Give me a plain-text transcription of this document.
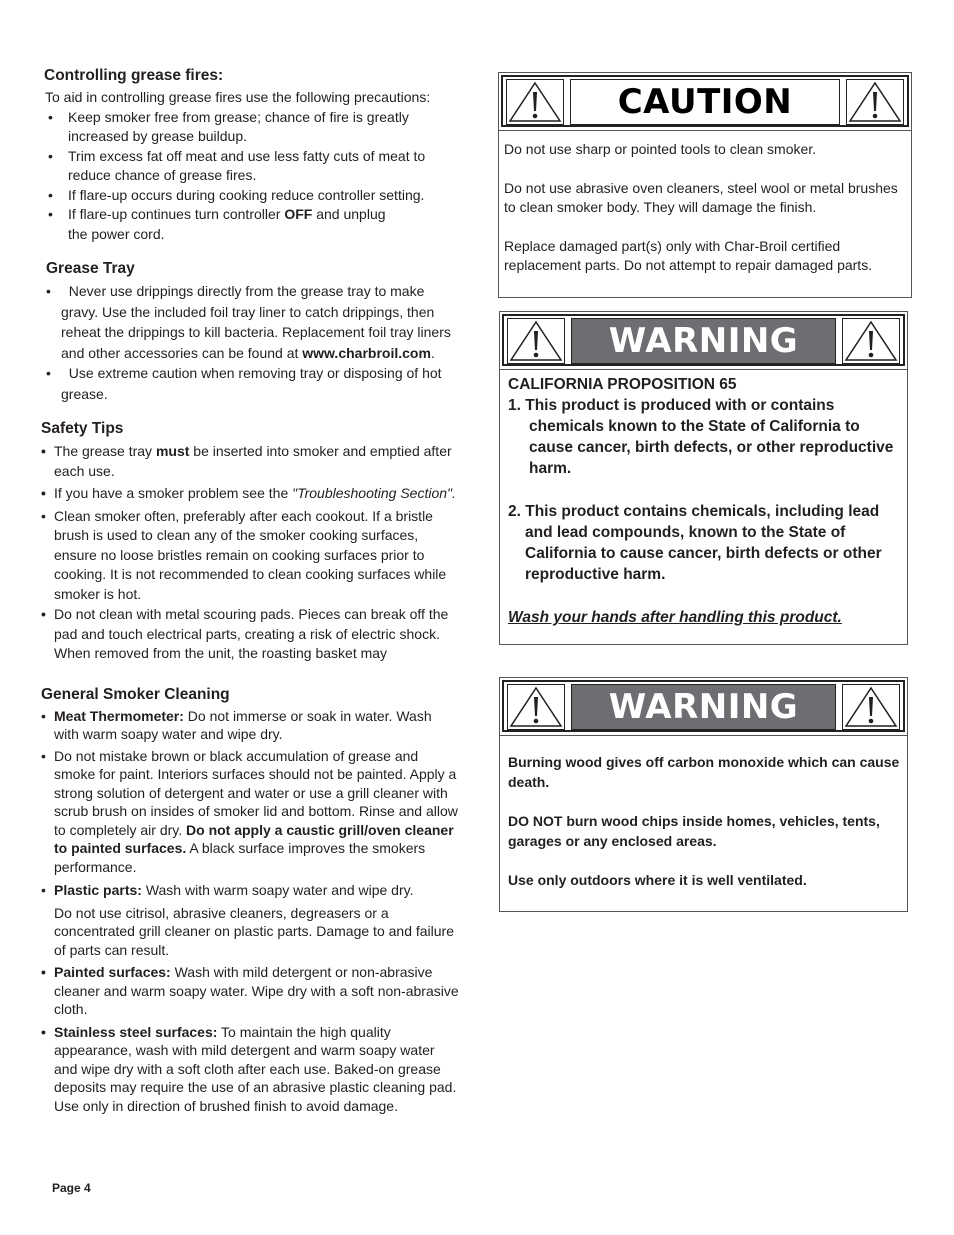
Controlling grease fires:

To aid in controlling grease fires use the following precautions:

• Keep smoker free from grease; chance of fire is greatly increased by grease buildup.

• Trim excess fat off meat and use less fatty cuts of meat to reduce chance of grease fires.

• If flare-up occurs during cooking reduce controller setting.

• If flare-up continues turn controller OFF and unplug the power cord.

Grease Tray

• Never use drippings directly from the grease tray to make gravy. Use the included foil tray liner to catch drippings, then reheat the drippings to kill bacteria. Replacement foil tray liners and other accessories can be found at www.charbroil.com.

• Use extreme caution when removing tray or disposing of hot grease.

Safety Tips

• The grease tray must be inserted into smoker and emptied after each use.

• If you have a smoker problem see the "Troubleshooting Section".

• Clean smoker often, preferably after each cookout. If a bristle brush is used to clean any of the smoker cooking surfaces, ensure no loose bristles remain on cooking surfaces prior to cooking. It is not recommended to clean cooking surfaces while smoker is hot.

• Do not clean with metal scouring pads. Pieces can break off the pad and touch electrical parts, creating a risk of electric shock. When removed from the unit, the roasting basket may

General Smoker Cleaning

• Meat Thermometer: Do not immerse or soak in water. Wash with warm soapy water and wipe dry.

• Do not mistake brown or black accumulation of grease and smoke for paint. Interiors surfaces should not be painted. Apply a strong solution of detergent and water or use a grill cleaner with scrub brush on insides of smoker lid and bottom. Rinse and allow to completely air dry. Do not apply a caustic grill/oven cleaner to painted surfaces. A black surface improves the smokers performance.

• Plastic parts: Wash with warm soapy water and wipe dry.

Do not use citrisol, abrasive cleaners, degreasers or a concentrated grill cleaner on plastic parts. Damage to and failure of parts can result.

• Painted surfaces: Wash with mild detergent or non-abrasive cleaner and warm soapy water. Wipe dry with a soft non-abrasive cloth.

• Stainless steel surfaces: To maintain the high quality appearance, wash with mild detergent and warm soapy water and wipe dry with a soft cloth after each use. Baked-on grease deposits may require the use of an abrasive plastic cleaning pad. Use only in direction of brushed finish to avoid damage.

CAUTION

Do not use sharp or pointed tools to clean smoker.

Do not use abrasive oven cleaners, steel wool or metal brushes to clean smoker body. They will damage the finish.

Replace damaged part(s) only with Char-Broil certified replacement parts. Do not attempt to repair damaged parts.

WARNING

CALIFORNIA PROPOSITION 65

1. This product is produced with or contains chemicals known to the State of California to cause cancer, birth defects, or other reproductive harm.

2. This product contains chemicals, including lead and lead compounds, known to the State of California to cause cancer, birth defects or other reproductive harm.

Wash your hands after handling this product.

WARNING

Burning wood gives off carbon monoxide which can cause death.

DO NOT burn wood chips inside homes, vehicles, tents, garages or any enclosed areas.

Use only outdoors where it is well ventilated.

Page 4
